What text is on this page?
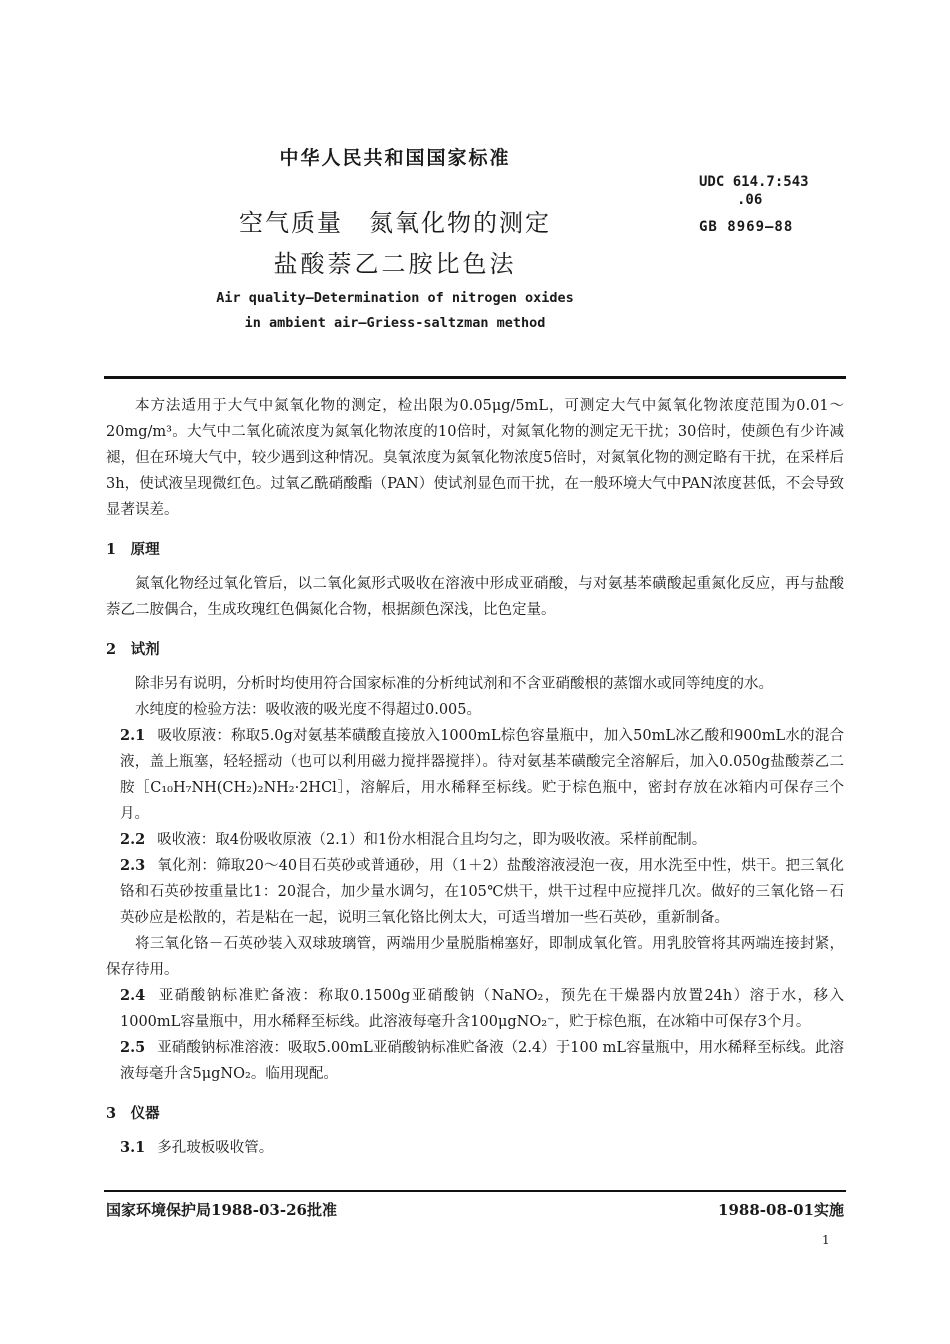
中华人民共和国国家标准
UDC 614.7:543
.06
GB 8969—88
空气质量　氮氧化物的测定
盐酸萘乙二胺比色法
Air quality—Determination of nitrogen oxides
in ambient air—Griess-saltzman method

本方法适用于大气中氮氧化物的测定，检出限为0.05μg/5mL，可测定大气中氮氧化物浓度范围为0.01～20mg/m³。大气中二氧化硫浓度为氮氧化物浓度的10倍时，对氮氧化物的测定无干扰；30倍时，使颜色有少许减褪，但在环境大气中，较少遇到这种情况。臭氧浓度为氮氧化物浓度5倍时，对氮氧化物的测定略有干扰，在采样后3h，使试液呈现微红色。过氧乙酰硝酸酯（PAN）使试剂显色而干扰，在一般环境大气中PAN浓度甚低，不会导致显著误差。

1　原理

氮氧化物经过氧化管后，以二氧化氮形式吸收在溶液中形成亚硝酸，与对氨基苯磺酸起重氮化反应，再与盐酸萘乙二胺偶合，生成玫瑰红色偶氮化合物，根据颜色深浅，比色定量。

2　试剂

除非另有说明，分析时均使用符合国家标准的分析纯试剂和不含亚硝酸根的蒸馏水或同等纯度的水。

水纯度的检验方法：吸收液的吸光度不得超过0.005。

2.1 吸收原液：称取5.0g对氨基苯磺酸直接放入1000mL棕色容量瓶中，加入50mL冰乙酸和900mL水的混合液，盖上瓶塞，轻轻摇动（也可以利用磁力搅拌器搅拌）。待对氨基苯磺酸完全溶解后，加入0.050g盐酸萘乙二胺［C₁₀H₇NH(CH₂)₂NH₂·2HCl］，溶解后，用水稀释至标线。贮于棕色瓶中，密封存放在冰箱内可保存三个月。

2.2 吸收液：取4份吸收原液（2.1）和1份水相混合且均匀之，即为吸收液。采样前配制。

2.3 氧化剂：筛取20～40目石英砂或普通砂，用（1＋2）盐酸溶液浸泡一夜，用水洗至中性，烘干。把三氧化铬和石英砂按重量比1：20混合，加少量水调匀，在105℃烘干，烘干过程中应搅拌几次。做好的三氧化铬－石英砂应是松散的，若是粘在一起，说明三氧化铬比例太大，可适当增加一些石英砂，重新制备。

将三氧化铬－石英砂装入双球玻璃管，两端用少量脱脂棉塞好，即制成氧化管。用乳胶管将其两端连接封紧，保存待用。

2.4 亚硝酸钠标准贮备液：称取0.1500g亚硝酸钠（NaNO₂，预先在干燥器内放置24h）溶于水，移入1000mL容量瓶中，用水稀释至标线。此溶液每毫升含100μgNO₂⁻，贮于棕色瓶，在冰箱中可保存3个月。

2.5 亚硝酸钠标准溶液：吸取5.00mL亚硝酸钠标准贮备液（2.4）于100 mL容量瓶中，用水稀释至标线。此溶液每毫升含5μgNO₂。临用现配。

3　仪器

3.1 多孔玻板吸收管。

国家环境保护局1988-03-26批准	1988-08-01实施
1
